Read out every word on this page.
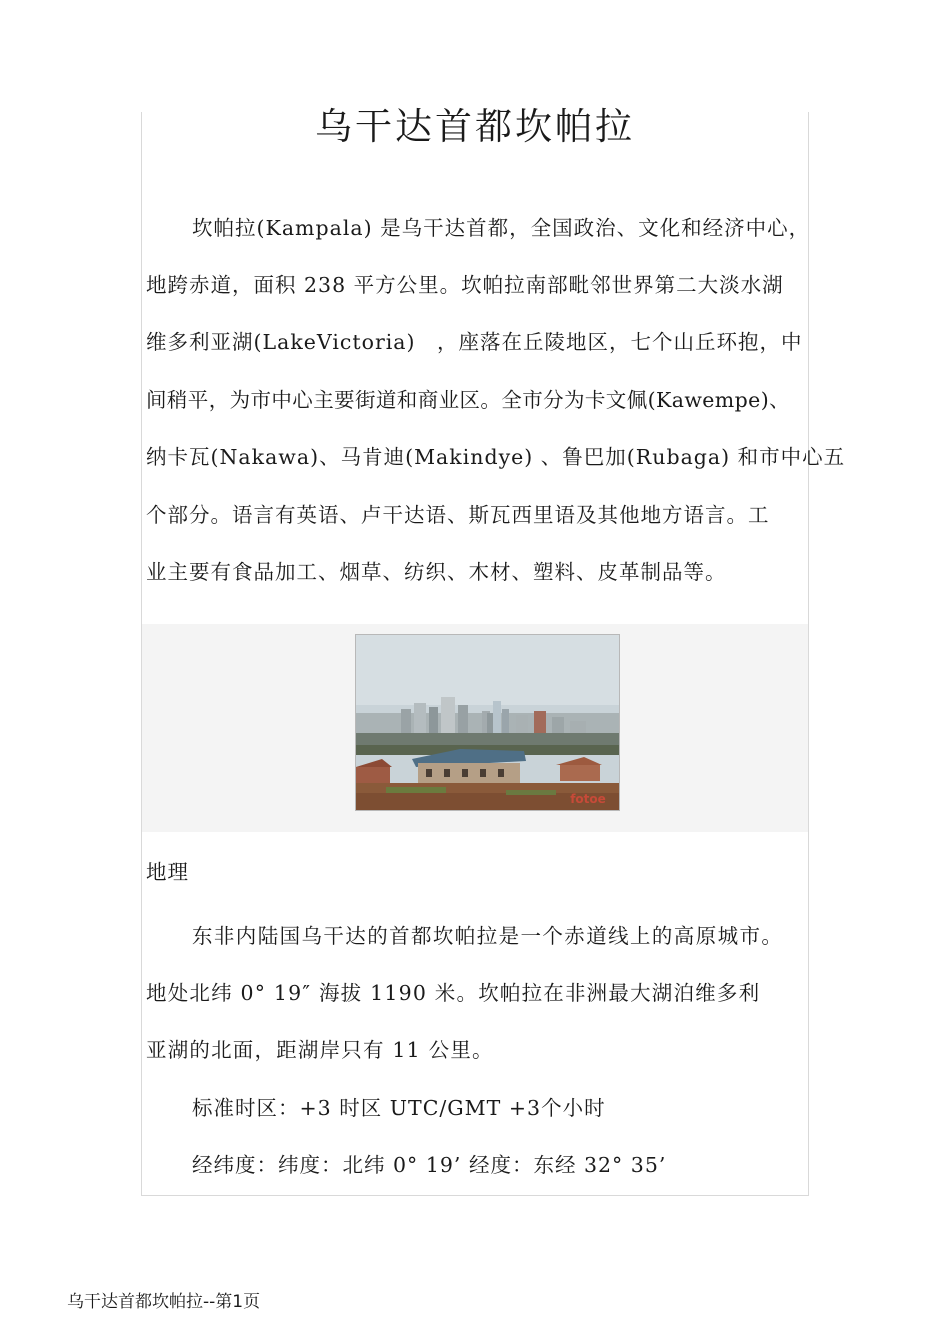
乌干达首都坎帕拉
坎帕拉(Kampala) 是乌干达首都，全国政治、文化和经济中心，
地跨赤道，面积 238 平方公里。坎帕拉南部毗邻世界第二大淡水湖
维多利亚湖(LakeVictoria)　，座落在丘陵地区，七个山丘环抱，中
间稍平，为市中心主要街道和商业区。全市分为卡文佩(Kawempe)、
纳卡瓦(Nakawa)、马肯迪(Makindye) 、鲁巴加(Rubaga) 和市中心五
个部分。语言有英语、卢干达语、斯瓦西里语及其他地方语言。工
业主要有食品加工、烟草、纺织、木材、塑料、皮革制品等。
fotoe
地理
东非内陆国乌干达的首都坎帕拉是一个赤道线上的高原城市。
地处北纬 0° 19″ 海拔 1190 米。坎帕拉在非洲最大湖泊维多利
亚湖的北面，距湖岸只有 11 公里。
标准时区：+3 时区 UTC/GMT +3个小时
经纬度：纬度：北纬 0° 19’ 经度：东经 32° 35’
乌干达首都坎帕拉--第1页
